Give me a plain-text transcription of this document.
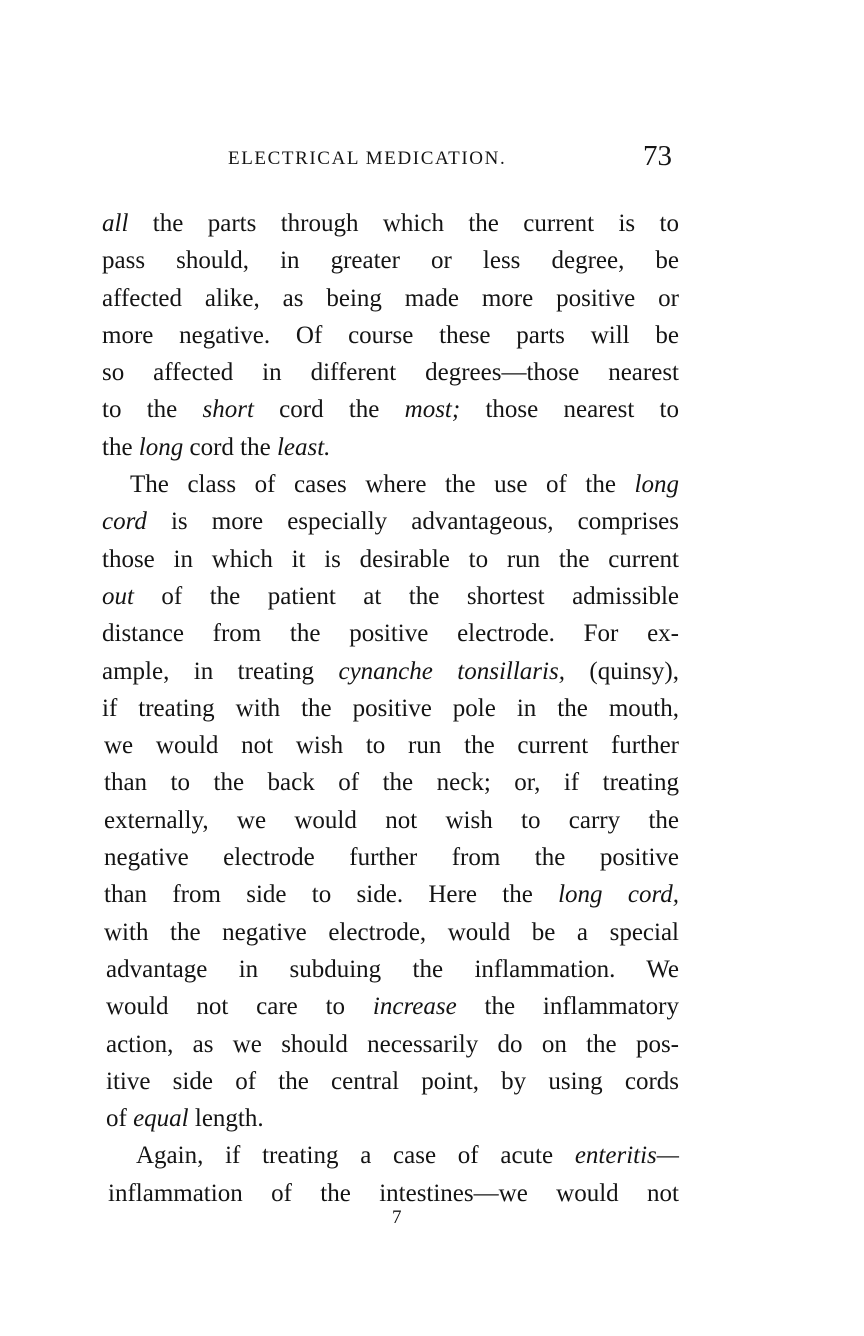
ELECTRICAL MEDICATION.	73
all the parts through which the current is to
pass should, in greater or less degree, be
affected alike, as being made more positive or
more negative. Of course these parts will be
so affected in different degrees—those nearest
to the short cord the most; those nearest to
the long cord the least.
The class of cases where the use of the long
cord is more especially advantageous, comprises
those in which it is desirable to run the current
out of the patient at the shortest admissible
distance from the positive electrode. For ex-
ample, in treating cynanche tonsillaris, (quinsy),
if treating with the positive pole in the mouth,
we would not wish to run the current further
than to the back of the neck; or, if treating
externally, we would not wish to carry the
negative electrode further from the positive
than from side to side. Here the long cord,
with the negative electrode, would be a special
advantage in subduing the inflammation. We
would not care to increase the inflammatory
action, as we should necessarily do on the pos-
itive side of the central point, by using cords
of equal length.
Again, if treating a case of acute enteritis—
inflammation of the intestines—we would not
7
